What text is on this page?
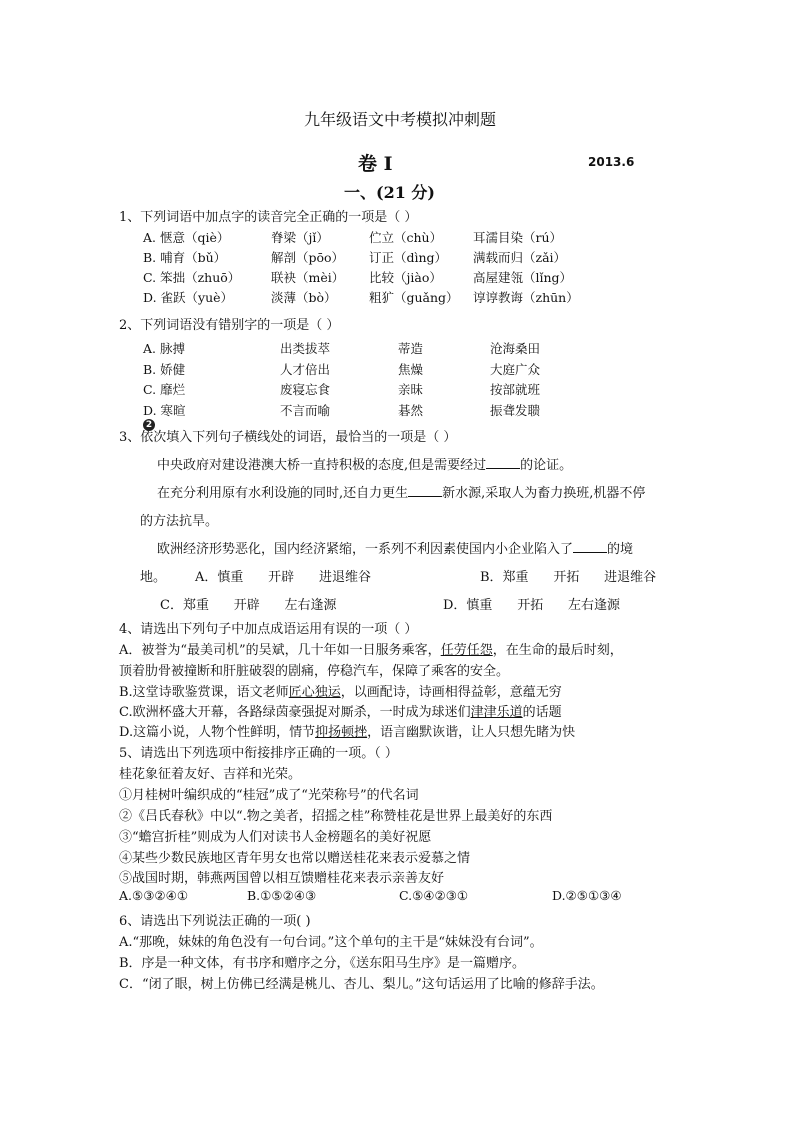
九年级语文中考模拟冲刺题
卷 I	2013.6
一、(21 分)
1、下列词语中加点字的读音完全正确的一项是（ ）
A. 惬意（qiè）	脊梁（jǐ）	伫立（chù）	耳濡目染（rú）
B. 哺育（bǔ）	解剖（pōo）	订正（dìng）	满载而归（zǎi）
C. 笨拙（zhuō）	联袂（mèi）	比较（jiào）	高屋建瓴（lǐng）
D. 雀跃（yuè）	淡薄（bò）	粗犷（guǎng）	谆谆教诲（zhūn）
2、下列词语没有错别字的一项是（ ）
A. 脉搏	出类拔萃	蒂造	沧海桑田
B. 娇健	人才倍出	焦燥	大庭广众
C. 靡烂	废寝忘食	亲昧	按部就班
D. 寒暄	不言而喻	碁然	振聋发聩
2
3、依次填入下列句子横线处的词语，最恰当的一项是（ ）
中央政府对建设港澳大桥一直持积极的态度,但是需要经过	的论证。
在充分利用原有水利设施的同时,还自力更生	新水源,采取人为畜力换班,机器不停
的方法抗旱。
欧洲经济形势恶化，国内经济紧缩，一系列不利因素使国内小企业陷入了	的境
地。 A．慎重      开辟      进退维谷	B．郑重      开拓      进退维谷
C．郑重      开辟      左右逢源	D．慎重      开拓      左右逢源
4、请选出下列句子中加点成语运用有误的一项（ ）
A．被誉为“最美司机”的吴斌，几十年如一日服务乘客，任劳任怨，在生命的最后时刻，
顶着肋骨被撞断和肝脏破裂的剧痛，停稳汽车，保障了乘客的安全。
B.这堂诗歌鉴赏课，语文老师匠心独运，以画配诗，诗画相得益彰，意蕴无穷
C.欧洲杯盛大开幕，各路绿茵豪强捉对厮杀，一时成为球迷们津津乐道的话题
D.这篇小说，人物个性鲜明，情节抑扬顿挫，语言幽默诙谐，让人只想先睹为快
5、请选出下列选项中衔接排序正确的一项。（ ）
桂花象征着友好、吉祥和光荣。
①月桂树叶编织成的“桂冠”成了“光荣称号”的代名词
②《吕氏春秋》中以“.物之美者，招摇之桂”称赞桂花是世界上最美好的东西
③“蟾宫折桂”则成为人们对读书人金榜题名的美好祝愿
④某些少数民族地区青年男女也常以赠送桂花来表示爱慕之情
⑤战国时期，韩燕两国曾以相互馈赠桂花来表示亲善友好
A.⑤③②④①	B.①⑤②④③	C.⑤④②③①	D.②⑤①③④
6、请选出下列说法正确的一项( )
A.“那晚，妹妹的角色没有一句台词。”这个单句的主干是“妹妹没有台词”。
B．序是一种文体，有书序和赠序之分，《送东阳马生序》是一篇赠序。
C．“闭了眼，树上仿佛已经满是桃儿、杏儿、梨儿。”这句话运用了比喻的修辞手法。
